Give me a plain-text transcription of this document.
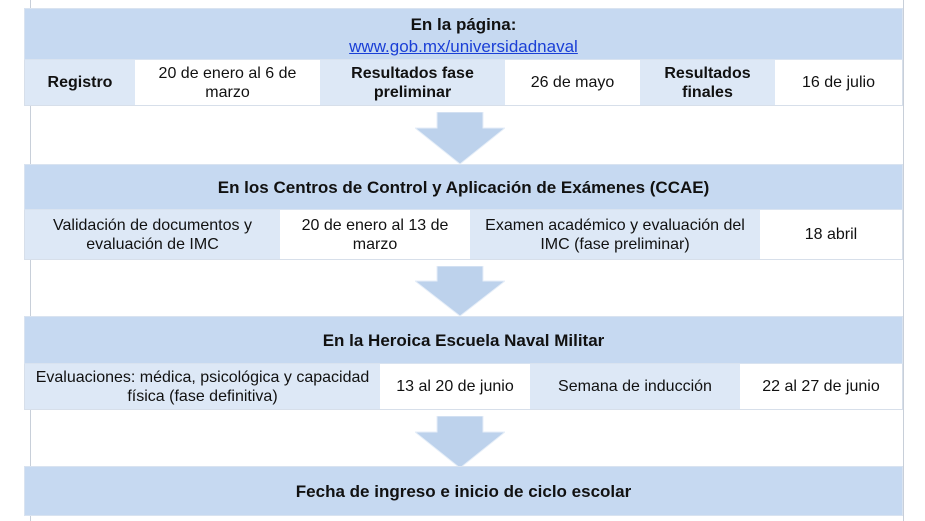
En la página:
www.gob.mx/universidadnaval
Registro
20 de enero al 6 de marzo
Resultados fase preliminar
26 de mayo
Resultados finales
16 de julio
En los Centros de Control y Aplicación de Exámenes (CCAE)
Validación de documentos y evaluación de IMC
20 de enero al 13 de marzo
Examen académico y evaluación del IMC (fase preliminar)
18 abril
En la Heroica Escuela Naval Militar
Evaluaciones: médica, psicológica y capacidad física (fase definitiva)
13 al 20 de junio	Semana de inducción	22 al 27 de junio
Fecha de ingreso e inicio de ciclo escolar
